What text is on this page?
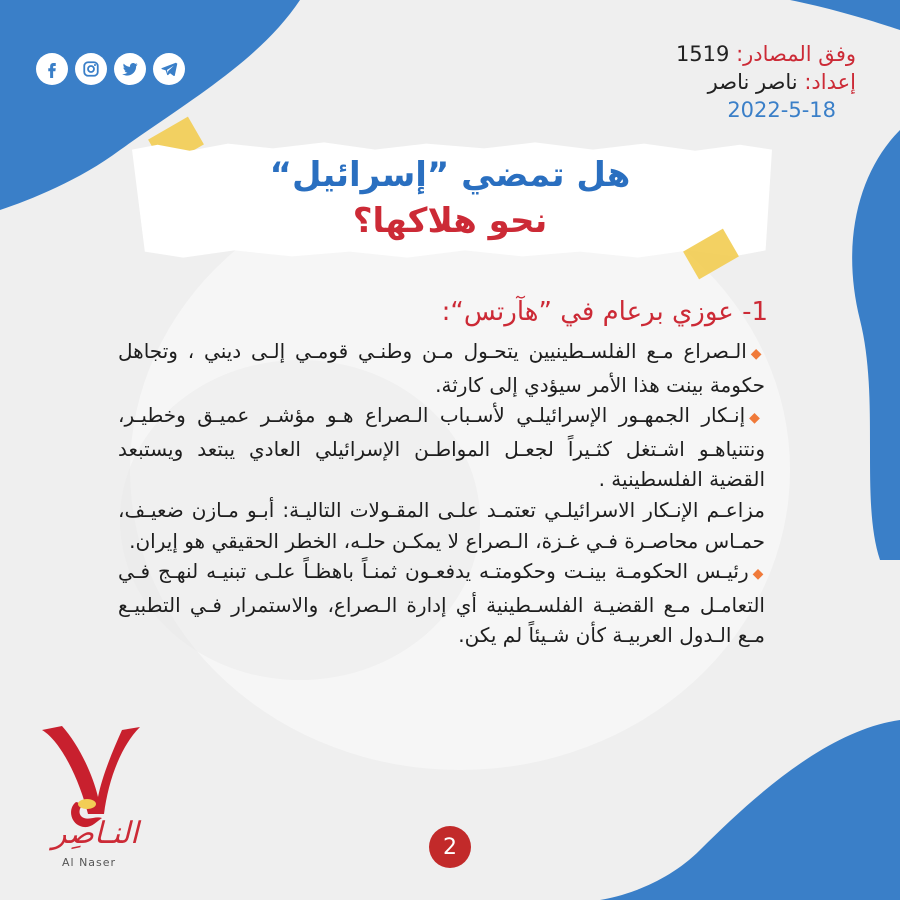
وفق المصادر: 1519
إعداد: ناصر ناصر
2022-5-18
هل تمضي ”إسرائيل“
نحو هلاكها؟
1- عوزي برعام في ”هآرتس“:

◆الـصراع مـع الفلسـطينيين يتحـول مـن وطنـي قومـي إلـى ديني ، وتجاهل حكومة بينت هذا الأمر سيؤدي إلى كارثة.

◆إنـكار الجمهـور الإسرائيلـي لأسـباب الـصراع هـو مؤشـر عميـق وخطيـر، ونتنياهـو اشـتغل كثـيراً لجعـل المواطـن الإسرائيلي العادي يبتعد ويستبعد القضية الفلسطينية .

مزاعـم الإنـكار الاسرائيلـي تعتمـد علـى المقـولات التاليـة: أبـو مـازن ضعيـف، حمـاس محاصـرة فـي غـزة، الـصراع لا يمكـن حلـه، الخطر الحقيقي هو إيران.

◆رئيـس الحكومـة بينـت وحكومتـه يدفعـون ثمنـاً باهظـاً علـى تبنيـه لنهـج فـي التعامـل مـع القضيـة الفلسـطينية أي إدارة الـصراع، والاستمرار فـي التطبيـع مـع الـدول العربيـة كأن شـيئاً لم يكن.

النـاصِر
Al Naser
2
